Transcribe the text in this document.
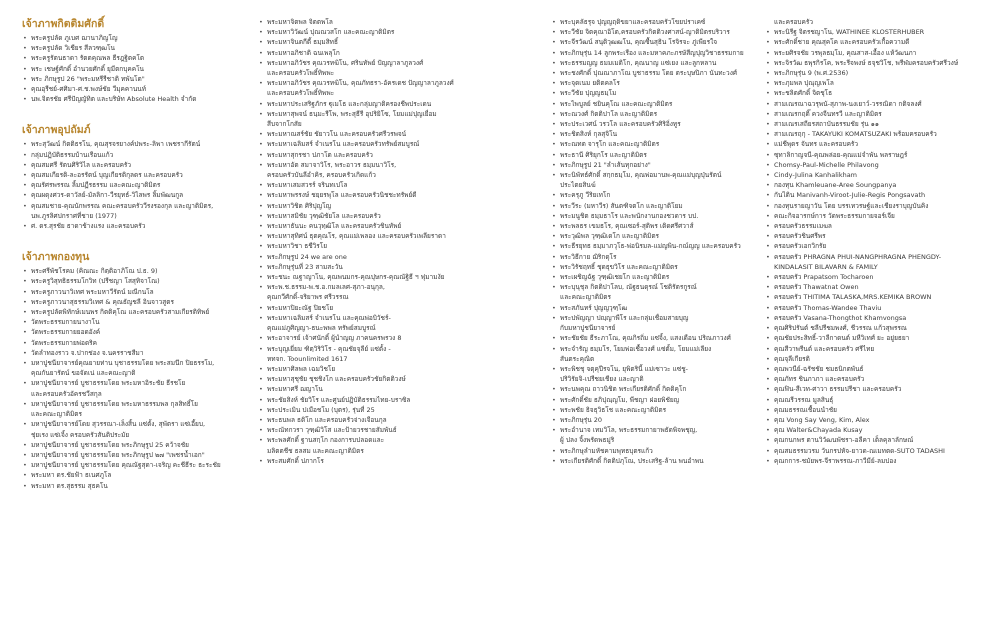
เจ้าภาพกิตติมศักดิ์
• พระครูปลัด ภูเบศ ฌานาภิญโญ
• พระครูปลัด วิเชียร สีลวฑฺฒโน
• พระครูรัตนธาดา รัตตคุณพล ธีรฎฐิตคโต
• พระ เชษฐ์ศักดิ์ อำนวยศักดิ์ ยุมีตกบุคคโน
• พระ ภิกษุรูป 26 "พระมหรีรีชาติ ทพันโต"
• คุณอุรีชย์-ศศิมา-ศ.ช.พงษ์ชัย วีมุคคานนท์
• นพ.จิตรชัย ศรีปัญญัทิต และบริษัท Absolute Health จำกัด
เจ้าภาพอุปถัมภ์
• พระสุวัฒน์ กิตติธรโน, คุณสุรจรยางค์ปพระ-ลิพา เพชรากีรัตน์
• กลุ่มปฏิบัติธรรมบ้านเรือนแก้ว
• คุณสมศรี รัตนศิริวิไล และครอบครัว
• คุณสมเกียรติ-ละอรรัตน์ บุญเกียรติกุลดร และครอบครัว
• คุณรัศรพรรณ ลิ้มปฏีรธรรม และคณะญาติมิตร
• คุณผดุงศวร-ดาวัลย์-มัลลิกา-วีรยุทธ์-วิไลพร ลิ้มพัฒนกูล
• คุณสมชาย-คุณนักพรรณ คณะครอบครัววีรงรองกุล และญาติมิตร,
นพ.ภูรลิศปกราศที่ชาย (1977)
• ศ. ดร.สุรชัย ธาดาช้างแรง และครอบครัว
เจ้าภาพกองทุน
• พระศรีพัชโรคม (คิณณะ กิตฺติอาภิโณ ป.ธ. 9)
• พระครูวิสุทธิธรรมโกวิท (ปรีชญา โสสุทิจาโณ)
• พระครูภาวนาวิเทศ พระมหาวีรัตน์ มณีกนโล
• พระครูภาวนาสุธรรมวิเทศ & คุณธัญชลี อินจาวสูตร
• พระครูปลัดพิทักษ์เมนพร กิตติคุโณ และครอบครัวสามเกียรติทิพย์
• วัดพระธรรมกายนางาโน
• วัดพระธรรมกายยอดอังค์
• วัดพระธรรมกายพ่อดริค
• วัดลำทองราว จ.ปากช่อง จ.นครราชสีมา
• มหาปูชนียาจารย์คุณยายท่าน บุชาธรรมโดย พระสมนึก ปิยธรรโม,
คุณกันยารัตน์ ขอจัดเน่ และคณะญาติ
• มหาปูชนียาจารย์ บูชาธรรมโดย พระมหาอิระชัย ธีรชโย
และครอบครัวอัครชวีสกุล
• มหาปูชนียาจารย์ บูชาธรรมโดย พระมหาธรรมพล กุลสิทธิ์โย
และคณะญาติมิตร
• มหาปูชนียาจารย์โดย สุวรรณา-เล็งสิ้น แซ่ตั้ง, สุพัตรา แซ่เอี้ยบ,
ชุ่ยเรง แซ่เจิ้ง ครอบครัวสันติประมัย
• มหาปูชนียาจารย์ บูชาธรรมโดย พระภิกษุรูป 25 คว้าจชัย
• มหาปูชนียาจารย์ บูชาธรรมโดย พระภิกษุรูป ๒๗ "เพชรน้ำเอก"
• มหาปูชนียาจารย์ บูชาธรรมโดย คุณณัฐสุดา-เจริญ คะชีธีระ ธะระชัย
• พระมหา ดร.ชัยฟ้า ธเนศภูโล
• พระมหา ดร.สุธรรม สุธคโน
• พระมหาจิตพล จิตตพโล
• พระมหาวิวัฒน์ ปุณณวสโก และคณะญาติมิตร
• พระมหาจินตกีตี้ ธมฺมสิทธิ์
• พระมหาอภิชาติ ฉนเพลุโก
• พระมหาอภิวัชร คุณวรทฆิโน, ศรินทัพย์ ปัญญาลาภูลวงศ์
และครอบครัวโพธิ์ทิพพะ
• พระมหาอภิวัชร คุณวรทฆิโน, คุณภัทธรา-อัครเดช ปัญญาลาภูลวงศ์
และครอบครัวโพธิ์ทิพพะ
• พระมหาประเสริฐภักร ฐุเมโธ และกลุ่มญาติครองชีพประเดน
• พระมหาสุพจน์ ธนฺมะรีโพ, พระสุธีรี อุปริยิโซ, โยมแม่ปุญเยื่อม
สีบจากโกสัย
• พระมหาณสร์ชัย ชัยาวโน และครอบครัวศรีวรพจน์
• พระมหาเฉลิมสร์ จำเนรโน และครอบครัวทรัพย์สมบูรณ์
• พระมหาสุกรชา ปภาโต และครอบครัว
• พระมหาอัต สมาจาวิโร, พระอาวร ธมฺมนาวิโร,
ครอบครัวบันลีอำคิร, ครอบครัวเกิดแก้ว
• พระมหาเสมสวรร์ จรินทเปโล
• พระมหาพรรงษ์ ชยฺยรพุโล และครอบครัวนิชชะทรัพย์ดี
• พระมหาวิชิต ศิริปุญโญ
• พระมหาสมิชัย วุฑฺฒิชัยโล และครอบครัว
• พระมหาธันนะ คนวุทฺฒิโล และครอบครัวชินทัพย์
• พระมหาสุทิศน์ ธุตคุณโร, คุณแม่เพลอง และครอบครัวเพลียราดา
• พระมหาวิชา ธชีวิรโย
• พระภิกษุรูป 24 we are one
• พระภิกษุรุ่นที่ 23 สามสะวัน
• พระชนะ ณฐาญาโน, คุณพนมกร-คุณปุษกร-คุณณัฐิธี ฯ ฟุมามงัย
• พระพ.ช.ธรรม-พ.ช.อ.กมลเลศ-สุภา-อนุกุล,
คุณกวีศักดิ์-จริยาพร ศรีวรรณ
• พระมหาปิยะณัฐ ปิยชโย
• พระมหาเฉลิมสร์ จำเนรโน และคุณพ่อบิวัชร์-
คุณแม่ภูศิญญา-ธนะพพล ทรัพย์สมบูรณ์
• พระอาจารย์ เจ้าศนักติ์ ผู้นำญญ ภาคนครพรวง 8
• พระบุญเยี่ยม ฑิตฺวิริวิโร - คุณชัยจุลีย์ แซ่ตั้ง -
หทจก. Toounlimited 1617
• พระมหาศิลพล เฉมวิชโย
• พระมหาสุชุชัย ชุชชิงโก และครอบครัวชัยกิตติวงษ์
• พระมหาศรี ฌญาโน
• พระชัยสิงห์ ชัยวิโร และศูนย์ปฏิบัติธรรมไทย-บราซิล
• พระประเมิน ปเมือชโม (บุตร), รุ่นที่ 25
• พระธนพล ธติโก และครอบครัวจ่างเจือนกุล
• พระณัทกวรา วุฑฺฒิวิโส และป้ายวรชายสัมพันธ์
• พระพลศักดิ์ ฐานสกฺโก กองการบปลอดและ
มลิตตชีช ธลสม และคณะญาติมิตร
• พระสมศักดิ์ ปภากโร
• พระบุคลัธรุจ ปุญญฤดิขยาและครอบครัวโขยปราเคซ์
• พระวีชัย จิตคุณาอิโต,ครอบครัวกิตติวงศาสน์-ญาติมิตรบริวาร
• พระจีรวัฒน์ สนุติวุฒฒโน, คุณซื้นสุธิน โรจิรจะ ภู่เพียรใจ
• พระภิกษุรุ่น 14 ลูกพระเรือง และมหาคภะภรษัสีญปุญวิชาธรรมกาย
• พระธรรมญญ ธมมเมติโก, คุณนาญ แซ่เยง และลูกหลาน
• พระชงศักดิ์ ปุณณาภาโณ บูชาธรรม โดย ตระบุษปิภา นันทะวงศ์
• พระจุดเนม ยติตคลโร
• พระวีชัย ปุญญธมฺโม
• พระไพบูลย์ ชยินคุโณ และคณะญาติมิตร
• พระณวงศ์ กิตติปาโล และญาติมิตร
• พระประเวศน์ วรวโล และครอบครัวศิริอิ่งทูร
• พระชิตสิงห์ กุลสุจิโน
• พระณทต จารุโก และคณะญาติมิตร
• พระธานี ศิริยุกโร และญาติมิตร
• พระภิกษุรูป 21 "ลำเส้นทุกอย่าง"
• พระนิพัทธ์ศักดิ์ สกฺกธมฺโม, คุณพ่อมานพ-คุณแม่บุญปุ่นรัตน์
ประไตยสินฆ์
• พระครุภู วีริยเทโก
• พระวีระ (มหาวีร) สันตฑิจตโก และญาติโยม
• พระมนูชิต ธมฺมธาโร และพนักงานกองชวดาร บป.
• พระพลธร เขมธโร, คุณเซอร์-สุติพร เติดศรีศวาส์
• พระวุฒิพล วุฑฺฒิเดโก และญาติมิตร
• พระธีรยุทธ ธมฺมาภวุโธ-พ่อนิรมล-แม่ญพิน-กณ์ญญ และครอบครัว
• พระวิธีกาย ฌิริกดุโร
• พระวิรัชฤทธิ์ ชุดธุขวิโร และคณะญาติมิตร
• พระเผชิญฉัฐ วุฑฺฒิเชยโก และญาติมิตร
• พระบุนุชุล กิตติปาโลบ, ณัฐธนดุรณ์ โชติรัตรกูรณ์
และคณะญาติมิตร
• พระสภันทร์ ปุญญวุฑฺโฒ
• พระปพัญญา ปญฺญาพีโร และกลุ่มเชื่อมสายบุญ
กับมหาปูชนียาจารย์
• พระชัยชัย ธีระภาโณ, คุณกิรถิ่ม แซ่จิ้ง, แสงเดือน ปริณภาวงศ์
• พระจำรัญ ธมฺมโร, โยมพ่อเชื้อวงศ์ แซ่ตั้ม, โยมแม่เลียง
สันตระคุณิต
• พระพิชชุ จตุคุปีรจโน, ยุพิตรินี้ แม่เซาวะ แซ่ชู-
ปริวิรัยจิ-เปรีชยเชียง และญาติ
• พระนพคุณ ถาวนิชิต พระเกียรติศักดิ์ กิตติคุโก
• พระศักดิ์ชัย ธภิปุณฺญโม, พีชญา ฝอยพิชัยญ
• พระพชัย ธิจธุวิธโช และคณะญาติมิตร
• พระภิกษุรุ่น 20
• พระอำนาจ เทมวิโล, พระธรรมกายาพธัดพิจพชุญ,
ผู้ ปลง จิ้งพรัดพธมู่ริ
• พระภิกษุลำมหัชคามพุทธบุตรแก้ว
• พระเกียรติศักดิ์ กิตติปภุโณ, ประเสริฐ-ล้าน พนอำพน
และครอบครัว
• พระนิรีฐ จิตรชญาโน, WATHINEE KLOSTERHUBER
• พระศักดิ์ชาย คุณสุคโค และครอบครัวเกื้อความดี
• พระยศิรจชัย วรพุลธมฺโม, คุณสาส-เอื้อง แห้วัฒนภา
• พระจิรวัฒ ธพุรกิรโค, พระรีจพงษ์ ธจุชวิโช, พรีฬมครอบครัวศรีวงษ์
• พระภิกษุรุ่น 9 (พ.ศ.2536)
• พระภุมพล ปุณุญเพโล
• พระชลิตศักดิ์ จิตชุโธ
• สามเณรณาฉวรุพนั-สุภาพ-นงเยาว์-วรรณิดา กติจลงศ์
• สามเณรกฤติ๊ ควงจีนทรวี และญาติมิตร
• สามเณรเสถียรสถาบันธรรมชัย รุ่น ๑๑
• สามเณรฤกุ - TAKAYUKI KOMATSUZAKI พร้อมครอบครัว
• แม่ชีพุดร จันทร และครอบครัว
• ซุทาลิกาญจนี-คุณพล่อย-คุณแม่จำพัน พลราษฎร์
• Chomsy-Paul-Michelle Philavong
• Cindy-Julina Kanhalikham
• กองทุน Khamleuane-Aree Soungpanya
• กันไติน Manivanh-Viroot-Julie-Regis Pongsavath
• กองทุนรายญาวัน โดย บรรเทวรษฐ์และเชียงราบุญบันคิง
• คณะกิจอารกษ์การ วัดพระธรรมกายจอร์เจีย
• ครอบครัวธรรมเมฆล
• ครอบครัวชินศรีพร
• ครอบครัวเอกวิกรัย
• ครอบครัว PHRAGNA PHUI-NANGPHRAGNA PHENGDY-
KINDALASIT BILAVARN & FAMILY
• ครอบครัว Prapatsom Tocharoen
• ครอบครัว Thawatnat Owen
• ครอบครัว THITIMA TALASKA,MRS.KEMIKA BROWN
• ครอบครัว Thomas-Wandee Thaviu
• ครอบครัว Vasana-Thongthot Khamvongsa
• คุณศิริปรันต์ ชลีปรีชมพงศ์, ชีวรรณ แก้วสุพรรณ
• คุณชัยประสิทธิ์-วาลีกาดนต์ มหีวิเทศ์ ยะ อยู่ยธยา
• คุณสีวาพรีนต์ และครอบครัว ศรีไทย
• คุณจุลีเกียรติ
• คุณพวนีย์-ฉรัชชัย ชมธนิกตพันธ์
• คุณภัทร ชินภาภา และครอบครัว
• คุณฟิน-สีเวท-ศาวา ธรรมปรีชา และครอบครัว
• คุณณรีวรรณ มูลสินธุ์
• คุณมธรรณเชื้อนนำชัย
• คุณ Vong Say Veng, Kim, Alex
• คุณ Walter&Chayada Kusay
• คุณกนกพร ตานวิวัฒนพัชรา-อลีคา เต็ลคุลาลักษณ์
• คุณสมธรรมวรม วันกรปหัจ-ยาวด-ณเมทตด-SUTO TADASHI
• คุณกการ-ชมัยพร-จีราพรรณ-ภาวีมีย์-ลมปอง
